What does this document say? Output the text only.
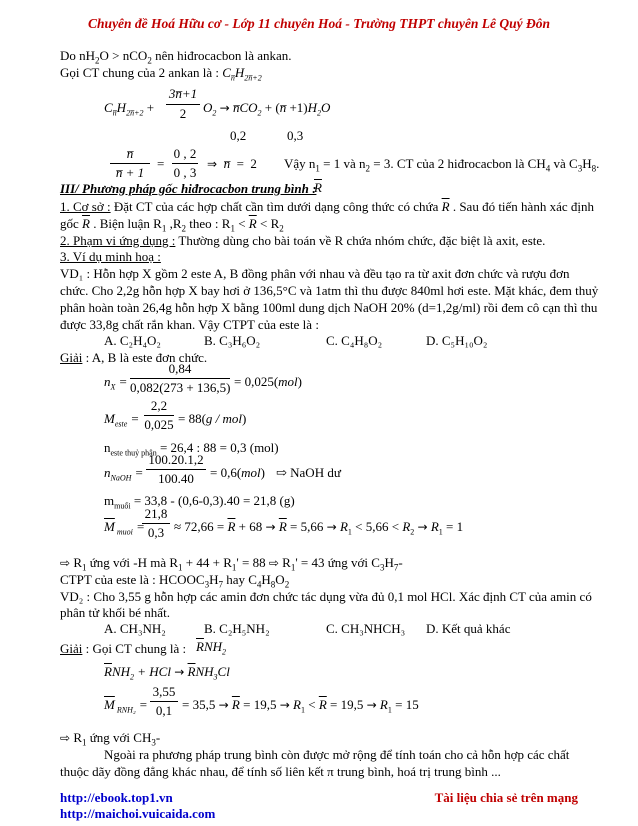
Chuyên đề Hoá Hữu cơ - Lớp 11 chuyên Hoá - Trường THPT chuyên Lê Quý Đôn
Do $nH_2O > nCO_2$ nên hiđrocacbon là ankan.
Gọi CT chung của 2 ankan là : $C_{n̅}H_{2n̅+2}$
$C_{n̅}H_{2n̅+2}$ +
3n̅+1
2	$O_2$ → $n̅CO_2$ + (n̅ $+1)H_2O$
0,2	0,3
n̅
n̅ + 1
=
0 , 2
0 , 3
⇒ n̅  =  2 Vậy $n_1 = 1$ và $n_2 = 3$. CT của 2 hiđrocacbon là $CH_4$ và $C_3H_8$.
III/ Phương pháp gốc hiđrocacbon trung bình :
$\overline{R}$
1. Cơ sở : Đặt CT của các hợp chất cần tìm dưới dạng công thức có chứa $\overline{R}$ . Sau đó tiến hành xác định
gốc $\overline{R}$ . Biện luận $R_1$ $,R_2$ theo : $R_1 < \overline{R} < R_2$
2. Phạm vi ứng dụng : Thường dùng cho bài toán về R chứa nhóm chức, đặc biệt là axit, este.
3. Ví dụ minh hoạ :
VD₁ : Hỗn hợp X gồm 2 este A, B đồng phân với nhau và đều tạo ra từ axit đơn chức và rượu đơn
chức. Cho 2,2g hỗn hợp X bay hơi ở 136,5°C và 1atm thì thu được 840ml hơi este. Mặt khác, đem thuỷ
phân hoàn toàn 26,4g hỗn hợp X bằng 100ml dung dịch NaOH 20% (d=1,2g/ml) rồi đem cô cạn thì thu
được 33,8g chất rắn khan. Vậy CTPT của este là :
A. C₂H₄O₂	B. C₃H₆O₂	C. C₄H₈O₂	D. C₅H₁₀O₂
Giải : A, B là este đơn chức.
$n_X$ =
0,84
0,082(273 + 136,5) = 0,025(mol)
$M_{este}$ =
2,2
0,025 = 88(g / mol)
$n_{este thuỷ phân} = 26,4$ : 88 = 0,3 (mol)
$n_{NaOH}$ =
100.20.1,2
100.40	= 0,6(mol) ⇨ NaOH dư
$m_{muối} = 33,8 - (0,6-0,3).40 = 21,8$ (g)
$\overline{M}$ $_{muoi}$ =
21,8
$0,3 \approx 72,66 = \overline{R} + 68 \to \overline{R} = 5,66 \to R_1 < 5,66 < R_2 \to R_1 = 1$
⇨ $R_1$ ứng với -H mà $R_1 + 44 + R_1' = 88$ ⇨ $R_1' = 43$ ứng với $C_3H_7-$
CTPT của este là : $HCOOC_3H_7$ hay $C_4H_8O_2$
VD₂ : Cho 3,55 g hỗn hợp các amin đơn chức tác dụng vừa đủ 0,1 mol HCl. Xác định CT của amin có
phân tử khối bé nhất.
A. CH₃NH₂	B. C₂H₅NH₂	C. CH₃NHCH₃ D. Kết quả khác
Giải : Gọi CT chung là : $\overline{R}NH_2$
$\overline{R}NH_2$ + HCl → $\overline{R}NH_3Cl$
$\overline{M}$ $_{RNH_2}$ =
3,55
$0,1 = 35,5 \to \overline{R} = 19,5 \to R_1 < \overline{R} = 19,5 \to R_1 = 15$
⇨ $R_1$ ứng với $CH_3-$
Ngoài ra phương pháp trung bình còn được mở rộng để tính toán cho cả hỗn hợp các chất
thuộc dãy đồng đẳng khác nhau, để tính số liên kết π trung bình, hoá trị trung bình ...
http://ebook.top1.vn
http://maichoi.vuicaida.com
Tài liệu chia sẻ trên mạng
